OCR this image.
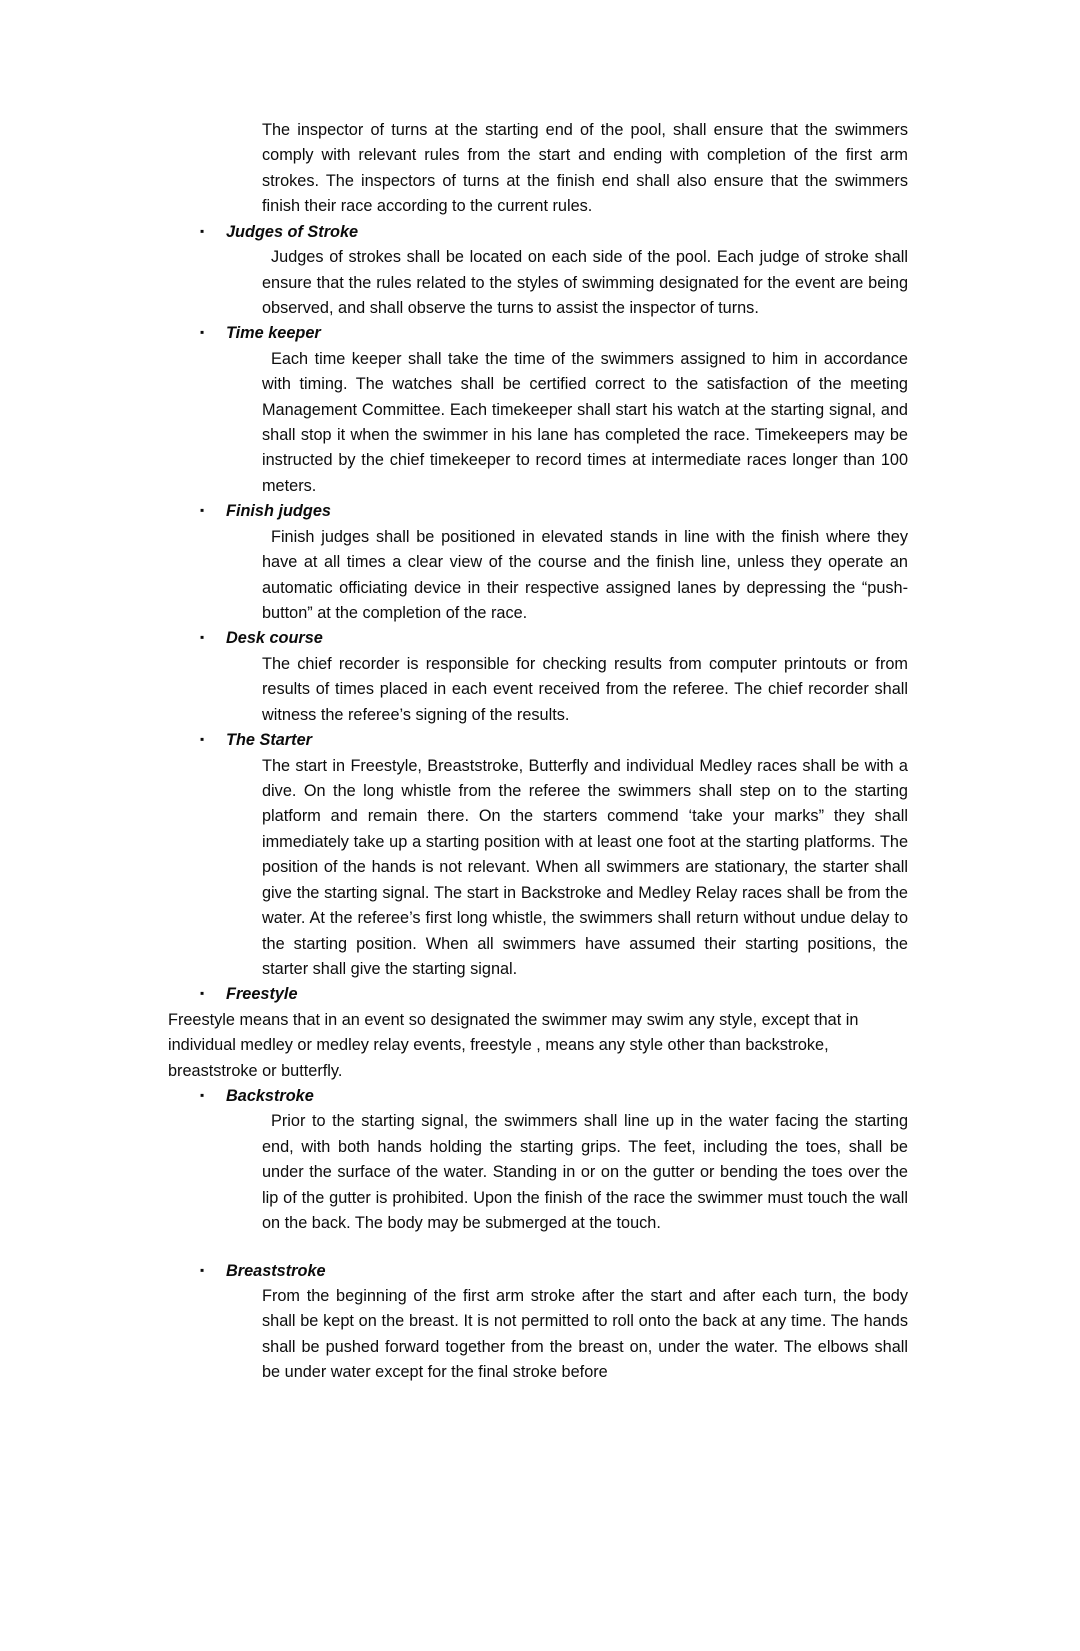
The inspector of turns at the starting end of the pool, shall ensure that the swimmers comply with relevant rules from the start and ending with completion of the first arm strokes. The inspectors of turns at the finish end shall also ensure that the swimmers finish their race according to the current rules.

▪
Judges of Stroke

Judges of strokes shall be located on each side of the pool. Each judge of stroke shall ensure that the rules related to the styles of swimming designated for the event are being observed, and shall observe the turns to assist the inspector of turns.

▪
Time keeper

Each time keeper shall take the time of the swimmers assigned to him in accordance with timing. The watches shall be certified correct to the satisfaction of the meeting Management Committee. Each timekeeper shall start his watch at the starting signal, and shall stop it when the swimmer in his lane has completed the race. Timekeepers may be instructed by the chief timekeeper to record times at intermediate races longer than 100 meters.

▪
Finish judges

Finish judges shall be positioned in elevated stands in line with the finish where they have at all times a clear view of the course and the finish line, unless they operate an automatic officiating device in their respective assigned lanes by depressing the “push-button” at the completion of the race.

▪
Desk course

The chief recorder is responsible for checking results from computer printouts or from results of times placed in each event received from the referee. The chief recorder shall witness the referee’s signing of the results.

▪
The Starter

The start in Freestyle, Breaststroke, Butterfly and individual Medley races shall be with a dive. On the long whistle from the referee the swimmers shall step on to the starting platform and remain there. On the starters commend ‘take your marks” they shall immediately take up a starting position with at least one foot at the starting platforms. The position of the hands is not relevant. When all swimmers are stationary, the starter shall give the starting signal. The start in Backstroke and Medley Relay races shall be from the water. At the referee’s first long whistle, the swimmers shall return without undue delay to the starting position. When all swimmers have assumed their starting positions, the starter shall give the starting signal.

▪
Freestyle

Freestyle means that in an event so designated the swimmer may swim any style, except that in individual medley or medley relay events, freestyle , means any style other than backstroke, breaststroke or butterfly.

▪
Backstroke

Prior to the starting signal, the swimmers shall line up in the water facing the starting end, with both hands holding the starting grips. The feet, including the toes, shall be under the surface of the water. Standing in or on the gutter or bending the toes over the lip of the gutter is prohibited. Upon the finish of the race the swimmer must touch the wall on the back. The body may be submerged at the touch.

▪
Breaststroke

From the beginning of the first arm stroke after the start and after each turn, the body shall be kept on the breast. It is not permitted to roll onto the back at any time. The hands shall be pushed forward together from the breast on, under the water. The elbows shall be under water except for the final stroke before
